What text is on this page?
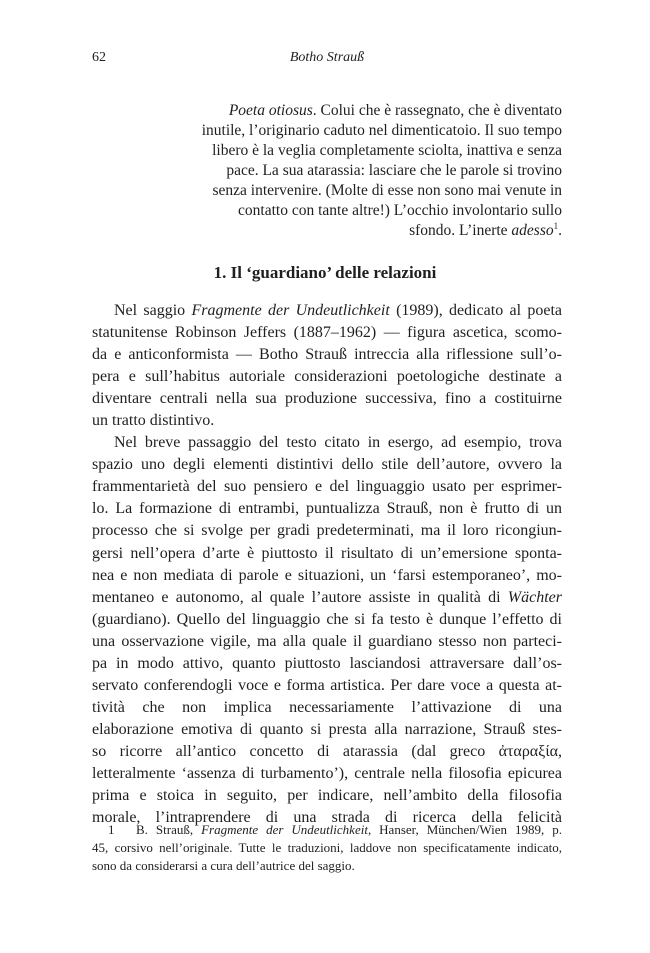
62	Botho Strauß
Poeta otiosus. Colui che è rassegnato, che è diventato
inutile, l’originario caduto nel dimenticatoio. Il suo tempo
libero è la veglia completamente sciolta, inattiva e senza
pace. La sua atarassia: lasciare che le parole si trovino
senza intervenire. (Molte di esse non sono mai venute in
contatto con tante altre!) L’occhio involontario sullo
sfondo. L’inerte adesso$^1$.
1. Il ‘guardiano’ delle relazioni
Nel saggio Fragmente der Undeutlichkeit (1989), dedicato al poeta
statunitense Robinson Jeffers (1887–1962) — figura ascetica, scomo-
da e anticonformista — Botho Strauß intreccia alla riflessione sull’o-
pera e sull’habitus autoriale considerazioni poetologiche destinate a
diventare centrali nella sua produzione successiva, fino a costituirne
un tratto distintivo.
Nel breve passaggio del testo citato in esergo, ad esempio, trova
spazio uno degli elementi distintivi dello stile dell’autore, ovvero la
frammentarietà del suo pensiero e del linguaggio usato per esprimer-
lo. La formazione di entrambi, puntualizza Strauß, non è frutto di un
processo che si svolge per gradi predeterminati, ma il loro ricongiun-
gersi nell’opera d’arte è piuttosto il risultato di un’emersione sponta-
nea e non mediata di parole e situazioni, un ‘farsi estemporaneo’, mo-
mentaneo e autonomo, al quale l’autore assiste in qualità di Wächter
(guardiano). Quello del linguaggio che si fa testo è dunque l’effetto di
una osservazione vigile, ma alla quale il guardiano stesso non parteci-
pa in modo attivo, quanto piuttosto lasciandosi attraversare dall’os-
servato conferendogli voce e forma artistica. Per dare voce a questa at-
tività che non implica necessariamente l’attivazione di una
elaborazione emotiva di quanto si presta alla narrazione, Strauß stes-
so ricorre all’antico concetto di atarassia (dal greco ἀταραξία,
letteralmente ‘assenza di turbamento’), centrale nella filosofia epicurea
prima e stoica in seguito, per indicare, nell’ambito della filosofia
morale, l’intraprendere di una strada di ricerca della felicità
1 B. Strauß, Fragmente der Undeutlichkeit, Hanser, München/Wien 1989, p.
45, corsivo nell’originale. Tutte le traduzioni, laddove non specificatamente indicato,
sono da considerarsi a cura dell’autrice del saggio.
